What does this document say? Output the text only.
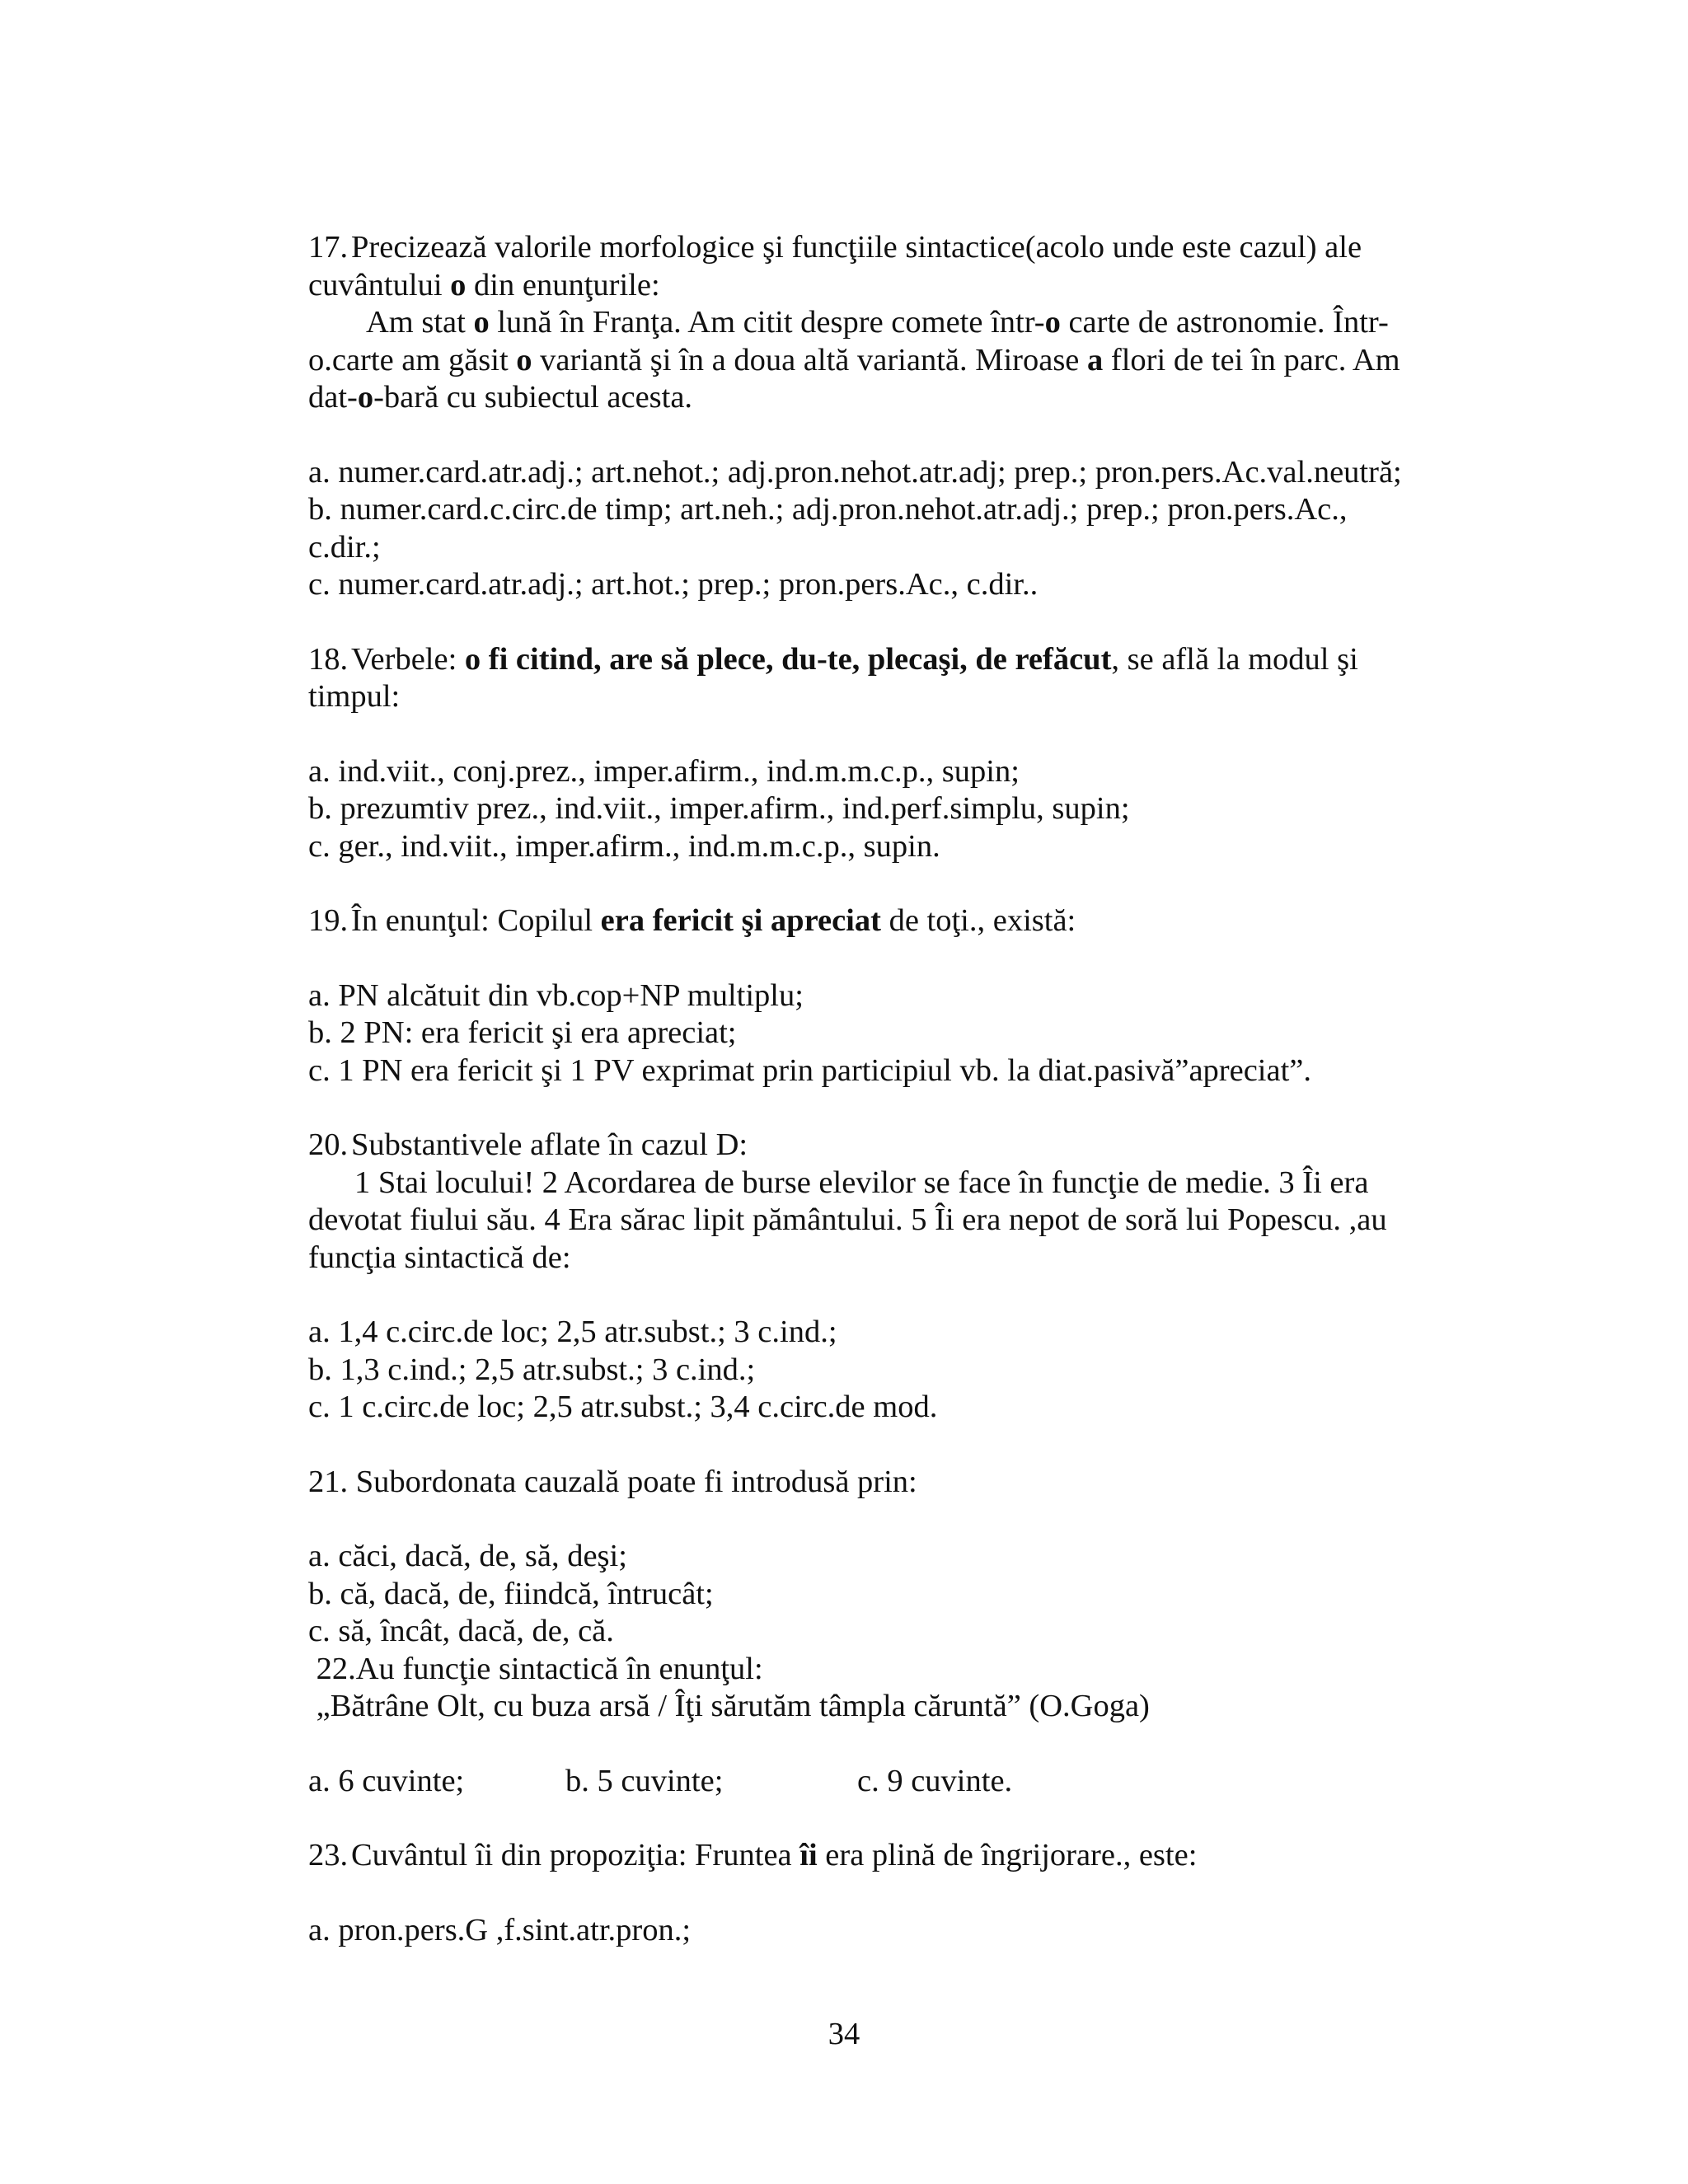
17. Precizează valorile morfologice şi funcţiile sintactice(acolo unde este cazul) ale

cuvântului o din enunţurile:

Am stat o lună în Franţa. Am citit despre comete într-o carte de astronomie. Într-

o.carte am găsit o variantă şi în a doua altă variantă. Miroase a flori de tei în parc. Am

dat-o-bară cu subiectul acesta.

a. numer.card.atr.adj.; art.nehot.; adj.pron.nehot.atr.adj; prep.; pron.pers.Ac.val.neutră;

b. numer.card.c.circ.de timp; art.neh.; adj.pron.nehot.atr.adj.; prep.; pron.pers.Ac.,

c.dir.;

c. numer.card.atr.adj.; art.hot.; prep.; pron.pers.Ac., c.dir..

18. Verbele: o fi citind, are să plece, du-te, plecaşi, de refăcut, se află la modul şi

timpul:

a. ind.viit., conj.prez., imper.afirm., ind.m.m.c.p., supin;

b. prezumtiv prez., ind.viit., imper.afirm., ind.perf.simplu, supin;

c. ger., ind.viit., imper.afirm., ind.m.m.c.p., supin.

19. În enunţul: Copilul era fericit şi apreciat de toţi., există:

a. PN alcătuit din vb.cop+NP multiplu;

b. 2 PN: era fericit şi era apreciat;

c. 1 PN era fericit şi 1 PV exprimat prin participiul vb. la diat.pasivă”apreciat”.

20. Substantivele aflate în cazul D:

1 Stai locului! 2 Acordarea de burse elevilor se face în funcţie de medie. 3 Îi era

devotat fiului său. 4 Era sărac lipit pământului. 5 Îi era nepot de soră lui Popescu. ,au

funcţia sintactică de:

a. 1,4 c.circ.de loc; 2,5 atr.subst.; 3 c.ind.;

b. 1,3 c.ind.; 2,5 atr.subst.; 3 c.ind.;

c. 1 c.circ.de loc; 2,5 atr.subst.; 3,4 c.circ.de mod.

21. Subordonata cauzală poate fi introdusă prin:

a. căci, dacă, de, să, deşi;

b. că, dacă, de, fiindcă, întrucât;

c. să, încât, dacă, de, că.

22.Au funcţie sintactică în enunţul:

„Bătrâne Olt, cu buza arsă / Îţi sărutăm tâmpla căruntă” (O.Goga)

a. 6 cuvinte;	b. 5 cuvinte;	c. 9 cuvinte.

23. Cuvântul îi din propoziţia: Fruntea îi era plină de îngrijorare., este:

a. pron.pers.G ,f.sint.atr.pron.;

34
